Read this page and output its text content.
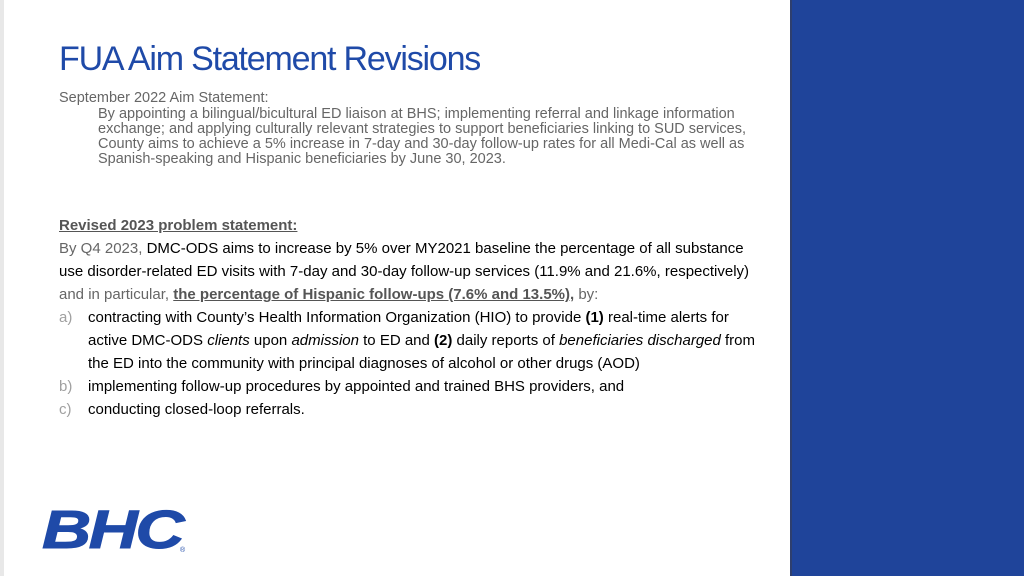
FUA Aim Statement Revisions
September 2022 Aim Statement:
By appointing a bilingual/bicultural ED liaison at BHS; implementing referral and linkage information exchange; and applying culturally relevant strategies to support beneficiaries linking to SUD services, County aims to achieve a 5% increase in 7-day and 30-day follow-up rates for all Medi-Cal as well as Spanish-speaking and Hispanic beneficiaries by June 30, 2023.
Revised 2023 problem statement:
By Q4 2023, DMC-ODS aims to increase by 5% over MY2021 baseline the percentage of all substance use disorder-related ED visits with 7-day and 30-day follow-up services (11.9% and 21.6%, respectively) and in particular, the percentage of Hispanic follow-ups (7.6% and 13.5%), by:
a) contracting with County’s Health Information Organization (HIO) to provide (1) real-time alerts for active DMC-ODS clients upon admission to ED and (2) daily reports of beneficiaries discharged from the ED into the community with principal diagnoses of alcohol or other drugs (AOD)
b) implementing follow-up procedures by appointed and trained BHS providers, and
c) conducting closed-loop referrals.
BHC
®
